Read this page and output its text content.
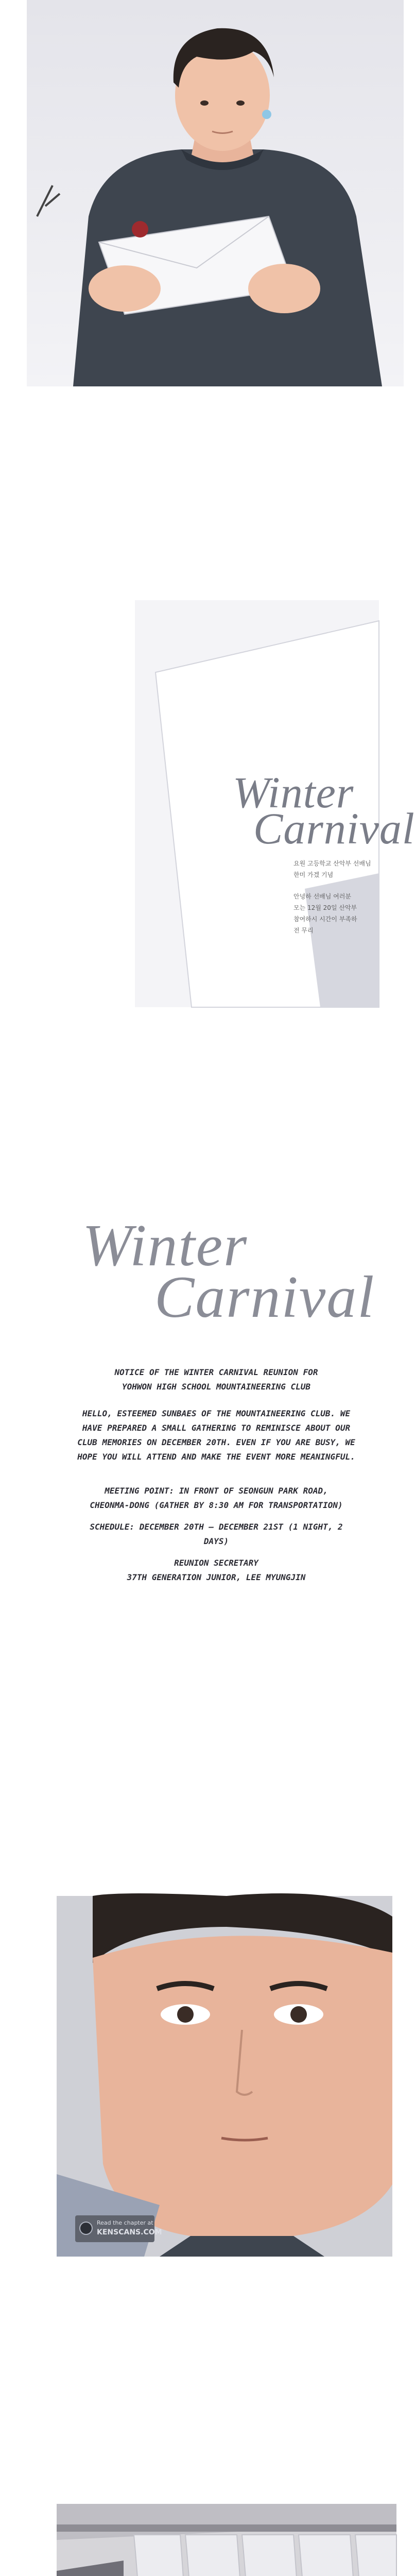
Winter
Carnival
요원 고등학교 산악부 선배님
한미 가겠 기념
안녕하 선배님 여러분
모는 12월 20일 산악부
참여하시 시간이 부족하
전 무리
Winter
Carnival
NOTICE OF THE WINTER CARNIVAL REUNION FOR
YOHWON HIGH SCHOOL MOUNTAINEERING CLUB
HELLO, ESTEEMED SUNBAES OF THE MOUNTAINEERING CLUB. WE
HAVE PREPARED A SMALL GATHERING TO REMINISCE ABOUT OUR
CLUB MEMORIES ON DECEMBER 20TH. EVEN IF YOU ARE BUSY, WE
HOPE YOU WILL ATTEND AND MAKE THE EVENT MORE MEANINGFUL.
MEETING POINT: IN FRONT OF SEONGUN PARK ROAD,
CHEONMA-DONG (GATHER BY 8:30 AM FOR TRANSPORTATION)
SCHEDULE: DECEMBER 20TH – DECEMBER 21ST (1 NIGHT, 2 DAYS)
REUNION SECRETARY
37TH GENERATION JUNIOR, LEE MYUNGJIN
Read the chapter at
KENSCANS.COM
